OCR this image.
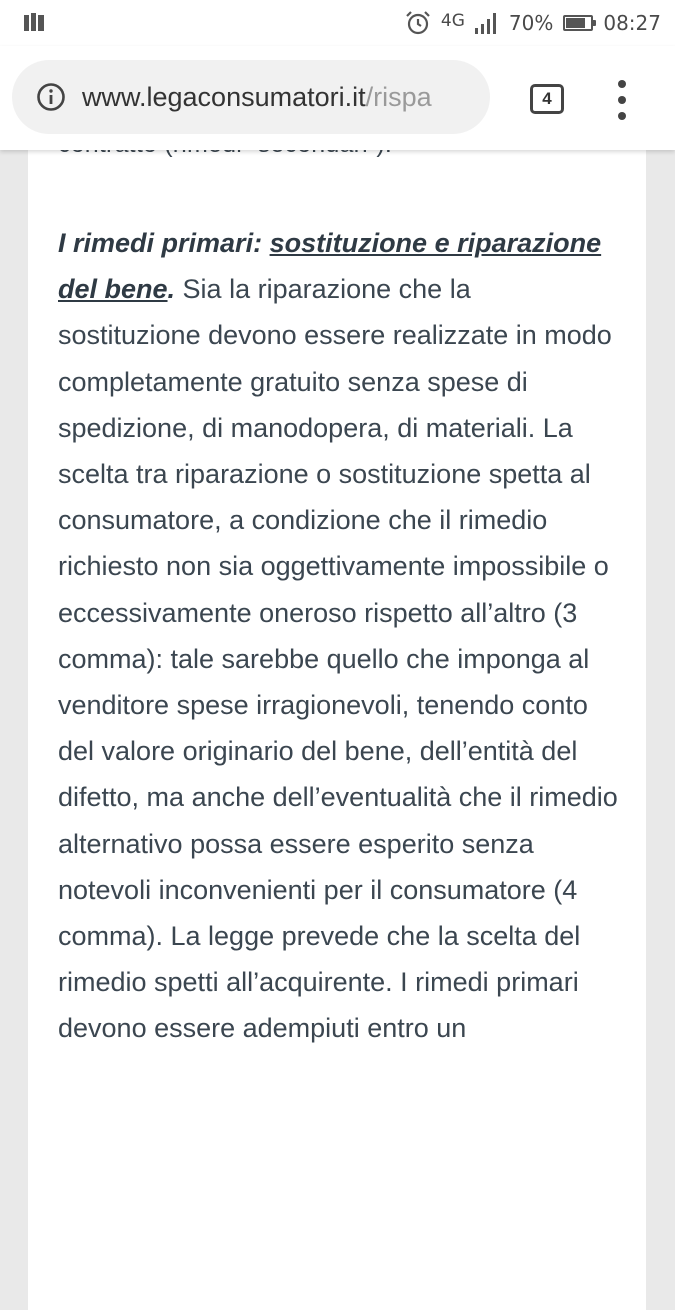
4G 70%	08:27
www.legaconsumatori.it/rispa	4

I rimedi primari: sostituzione e riparazione del bene. Sia la riparazione che la sostituzione devono essere realizzate in modo completamente gratuito senza spese di spedizione, di manodopera, di materiali. La scelta tra riparazione o sostituzione spetta al consumatore, a condizione che il rimedio richiesto non sia oggettivamente impossibile o eccessivamente oneroso rispetto all’altro (3 comma): tale sarebbe quello che imponga al venditore spese irragionevoli, tenendo conto del valore originario del bene, dell’entità del difetto, ma anche dell’eventualità che il rimedio alternativo possa essere esperito senza notevoli inconvenienti per il consumatore (4 comma). La legge prevede che la scelta del rimedio spetti all’acquirente. I rimedi primari devono essere adempiuti entro un
